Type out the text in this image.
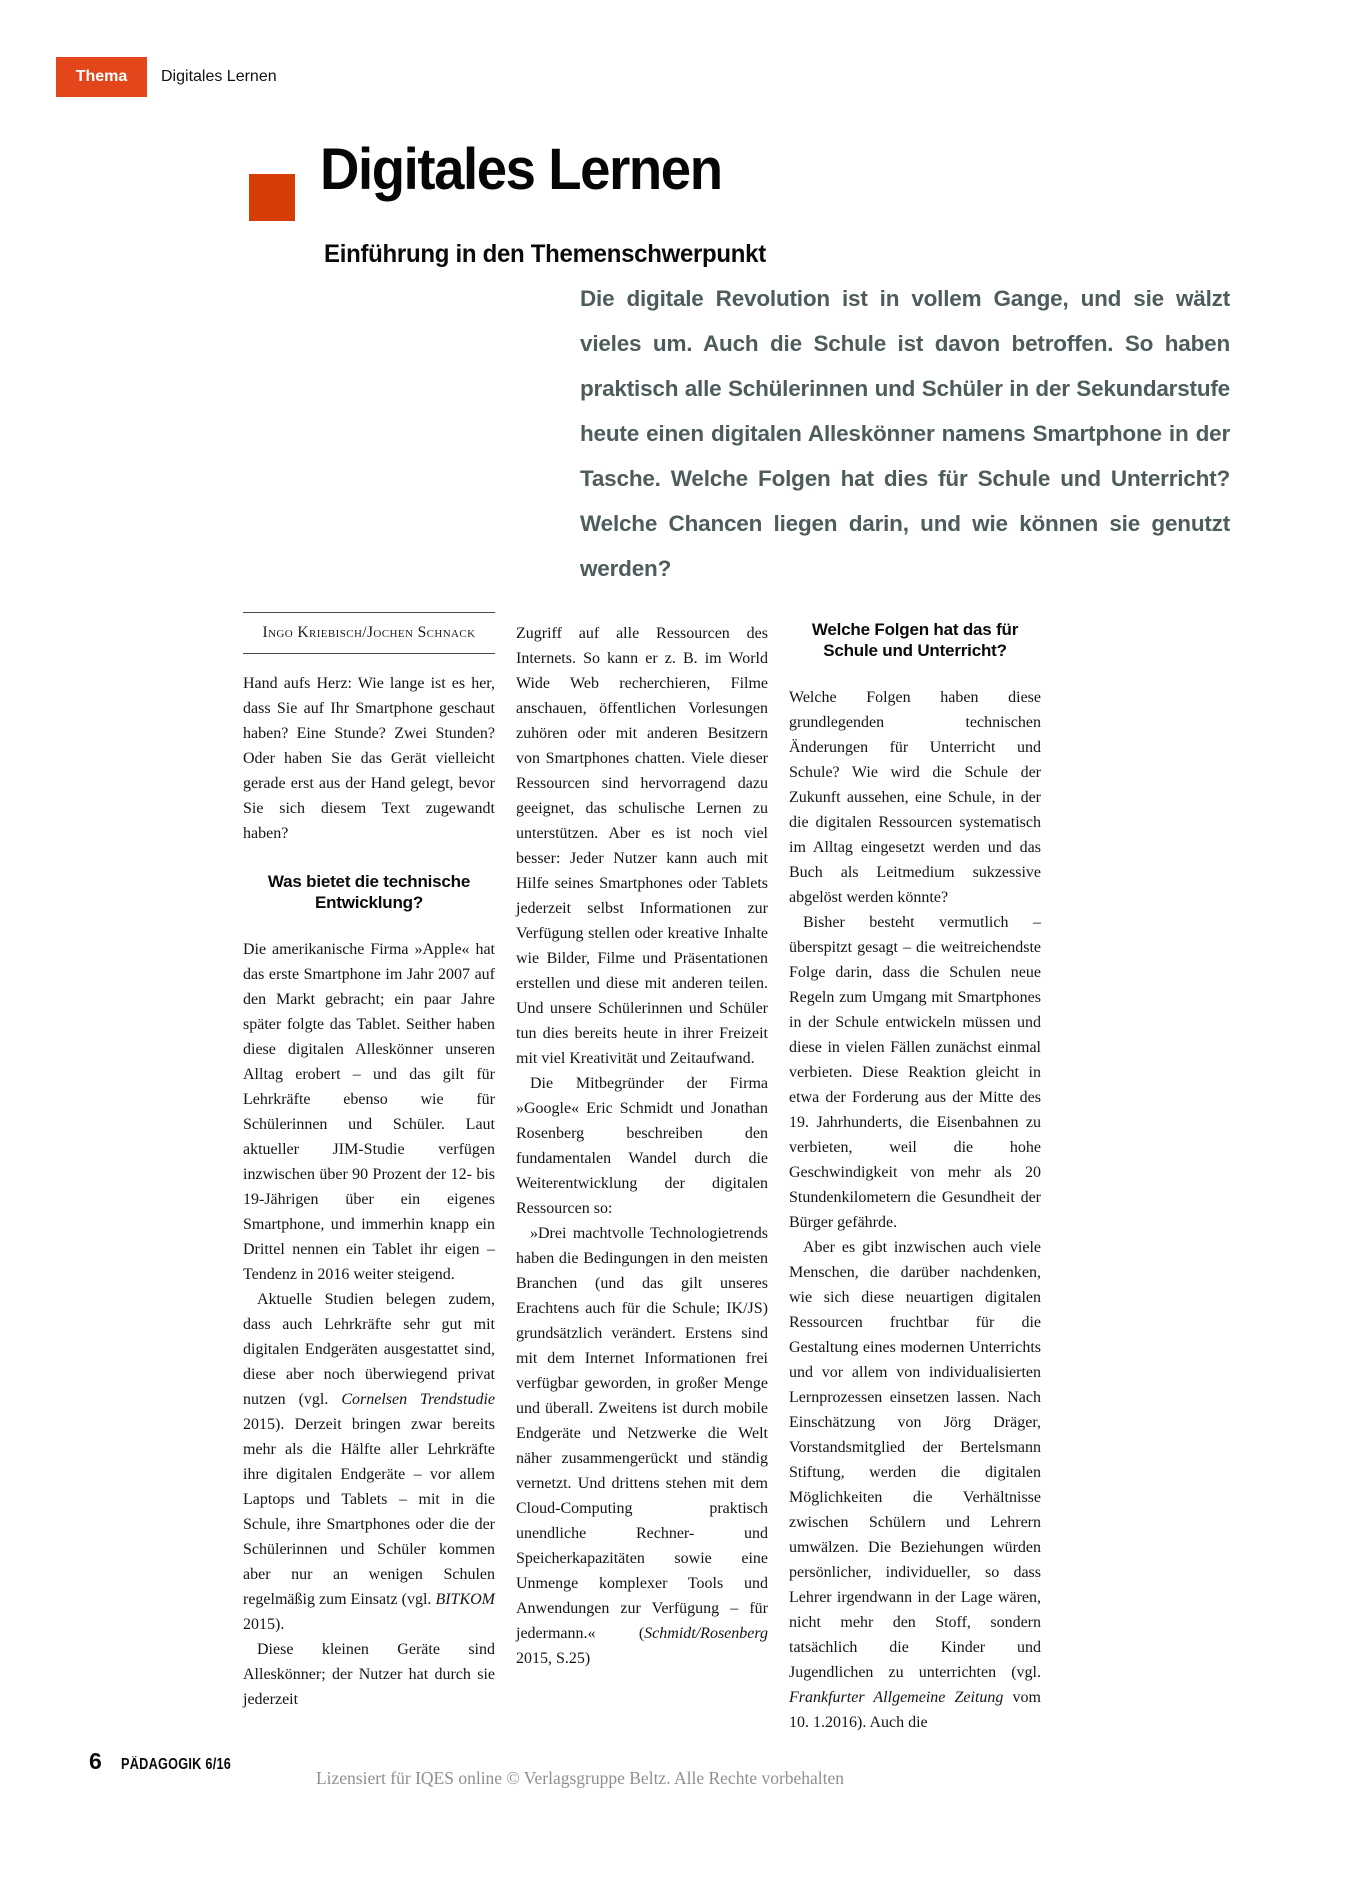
Thema Digitales Lernen
Digitales Lernen
Einführung in den Themenschwerpunkt
Die digitale Revolution ist in vollem Gange, und sie wälzt vieles um. Auch die Schule ist davon betroffen. So haben praktisch alle Schülerinnen und Schüler in der Sekundarstufe heute einen digitalen Alleskönner namens Smartphone in der Tasche. Welche Folgen hat dies für Schule und Unterricht? Welche Chancen liegen darin, und wie können sie genutzt werden?
Ingo Kriebisch/Jochen Schnack

Hand aufs Herz: Wie lange ist es her, dass Sie auf Ihr Smartphone geschaut haben? Eine Stunde? Zwei Stunden? Oder haben Sie das Gerät vielleicht gerade erst aus der Hand gelegt, bevor Sie sich diesem Text zugewandt haben?

Was bietet die technische Entwicklung?

Die amerikanische Firma »Apple« hat das erste Smartphone im Jahr 2007 auf den Markt gebracht; ein paar Jahre später folgte das Tablet. Seither haben diese digitalen Alleskönner unseren Alltag erobert – und das gilt für Lehrkräfte ebenso wie für Schülerinnen und Schüler. Laut aktueller JIM-Studie verfügen inzwischen über 90 Prozent der 12- bis 19-Jährigen über ein eigenes Smartphone, und immerhin knapp ein Drittel nennen ein Tablet ihr eigen – Tendenz in 2016 weiter steigend.

Aktuelle Studien belegen zudem, dass auch Lehrkräfte sehr gut mit digitalen Endgeräten ausgestattet sind, diese aber noch überwiegend privat nutzen (vgl. Cornelsen Trendstudie 2015). Derzeit bringen zwar bereits mehr als die Hälfte aller Lehrkräfte ihre digitalen Endgeräte – vor allem Laptops und Tablets – mit in die Schule, ihre Smartphones oder die der Schülerinnen und Schüler kommen aber nur an wenigen Schulen regelmäßig zum Einsatz (vgl. BITKOM 2015).

Diese kleinen Geräte sind Alleskönner; der Nutzer hat durch sie jederzeit

Zugriff auf alle Ressourcen des Internets. So kann er z. B. im World Wide Web recherchieren, Filme anschauen, öffentlichen Vorlesungen zuhören oder mit anderen Besitzern von Smartphones chatten. Viele dieser Ressourcen sind hervorragend dazu geeignet, das schulische Lernen zu unterstützen. Aber es ist noch viel besser: Jeder Nutzer kann auch mit Hilfe seines Smartphones oder Tablets jederzeit selbst Informationen zur Verfügung stellen oder kreative Inhalte wie Bilder, Filme und Präsentationen erstellen und diese mit anderen teilen. Und unsere Schülerinnen und Schüler tun dies bereits heute in ihrer Freizeit mit viel Kreativität und Zeitaufwand.

Die Mitbegründer der Firma »Google« Eric Schmidt und Jonathan Rosenberg beschreiben den fundamentalen Wandel durch die Weiterentwicklung der digitalen Ressourcen so:

»Drei machtvolle Technologietrends haben die Bedingungen in den meisten Branchen (und das gilt unseres Erachtens auch für die Schule; IK/JS) grundsätzlich verändert. Erstens sind mit dem Internet Informationen frei verfügbar geworden, in großer Menge und überall. Zweitens ist durch mobile Endgeräte und Netzwerke die Welt näher zusammengerückt und ständig vernetzt. Und drittens stehen mit dem Cloud-Computing praktisch unendliche Rechner- und Speicherkapazitäten sowie eine Unmenge komplexer Tools und Anwendungen zur Verfügung – für jedermann.« (Schmidt/Rosenberg 2015, S.25)

Welche Folgen hat das für Schule und Unterricht?

Welche Folgen haben diese grundlegenden technischen Änderungen für Unterricht und Schule? Wie wird die Schule der Zukunft aussehen, eine Schule, in der die digitalen Ressourcen systematisch im Alltag eingesetzt werden und das Buch als Leitmedium sukzessive abgelöst werden könnte?

Bisher besteht vermutlich – überspitzt gesagt – die weitreichendste Folge darin, dass die Schulen neue Regeln zum Umgang mit Smartphones in der Schule entwickeln müssen und diese in vielen Fällen zunächst einmal verbieten. Diese Reaktion gleicht in etwa der Forderung aus der Mitte des 19. Jahrhunderts, die Eisenbahnen zu verbieten, weil die hohe Geschwindigkeit von mehr als 20 Stundenkilometern die Gesundheit der Bürger gefährde.

Aber es gibt inzwischen auch viele Menschen, die darüber nachdenken, wie sich diese neuartigen digitalen Ressourcen fruchtbar für die Gestaltung eines modernen Unterrichts und vor allem von individualisierten Lernprozessen einsetzen lassen. Nach Einschätzung von Jörg Dräger, Vorstandsmitglied der Bertelsmann Stiftung, werden die digitalen Möglichkeiten die Verhältnisse zwischen Schülern und Lehrern umwälzen. Die Beziehungen würden persönlicher, individueller, so dass Lehrer irgendwann in der Lage wären, nicht mehr den Stoff, sondern tatsächlich die Kinder und Jugendlichen zu unterrichten (vgl. Frankfurter Allgemeine Zeitung vom 10. 1.2016). Auch die

6 PÄDAGOGIK 6/16
Lizensiert für IQES online © Verlagsgruppe Beltz. Alle Rechte vorbehalten
